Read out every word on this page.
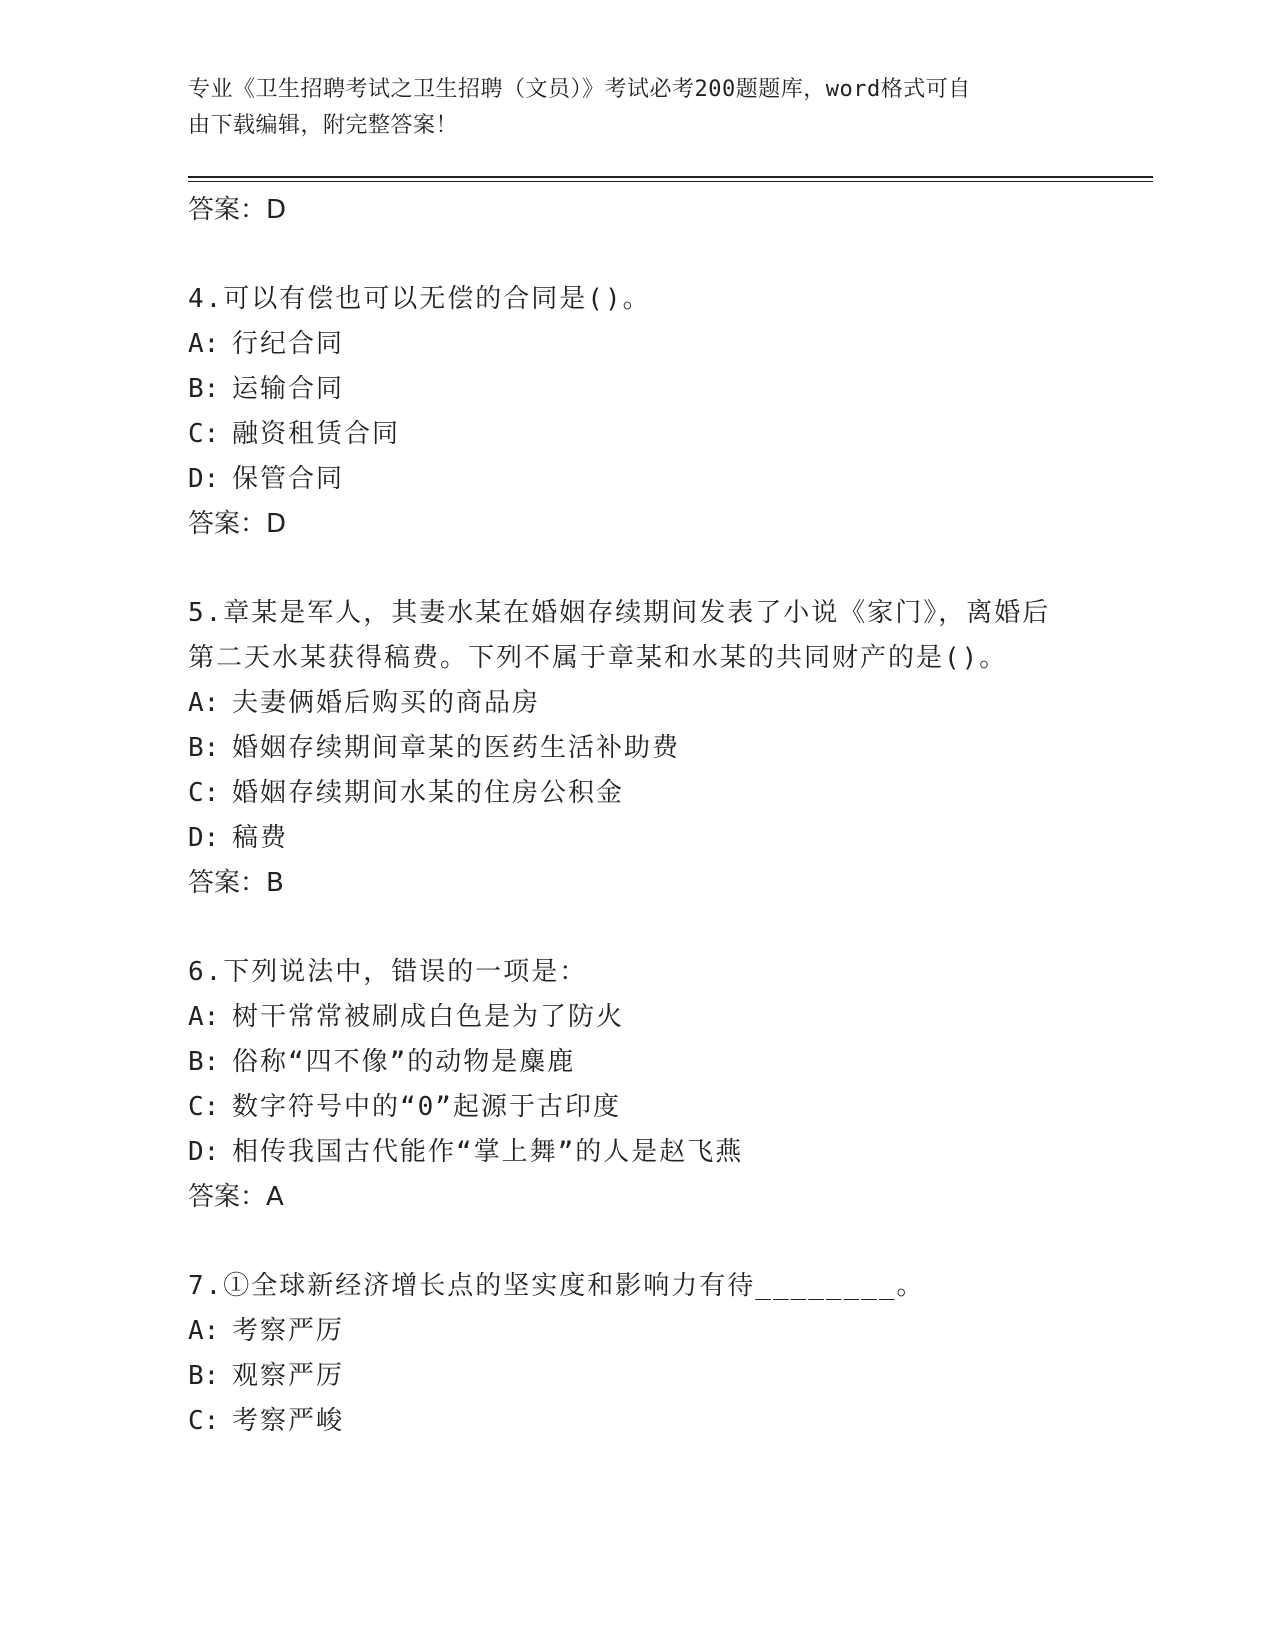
专业《卫生招聘考试之卫生招聘（文员）》考试必考200题题库，word格式可自
由下载编辑，附完整答案！
答案：D
4.可以有偿也可以无偿的合同是()。
A: 行纪合同
B: 运输合同
C: 融资租赁合同
D: 保管合同
答案：D
5.章某是军人，其妻水某在婚姻存续期间发表了小说《家门》，离婚后第二天水某获得稿费。下列不属于章某和水某的共同财产的是()。
A: 夫妻俩婚后购买的商品房
B: 婚姻存续期间章某的医药生活补助费
C: 婚姻存续期间水某的住房公积金
D: 稿费
答案：B
6.下列说法中，错误的一项是：
A: 树干常常被刷成白色是为了防火
B: 俗称“四不像”的动物是麋鹿
C: 数字符号中的“0”起源于古印度
D: 相传我国古代能作“掌上舞”的人是赵飞燕
答案：A
7.①全球新经济增长点的坚实度和影响力有待________。
A: 考察严厉
B: 观察严厉
C: 考察严峻
